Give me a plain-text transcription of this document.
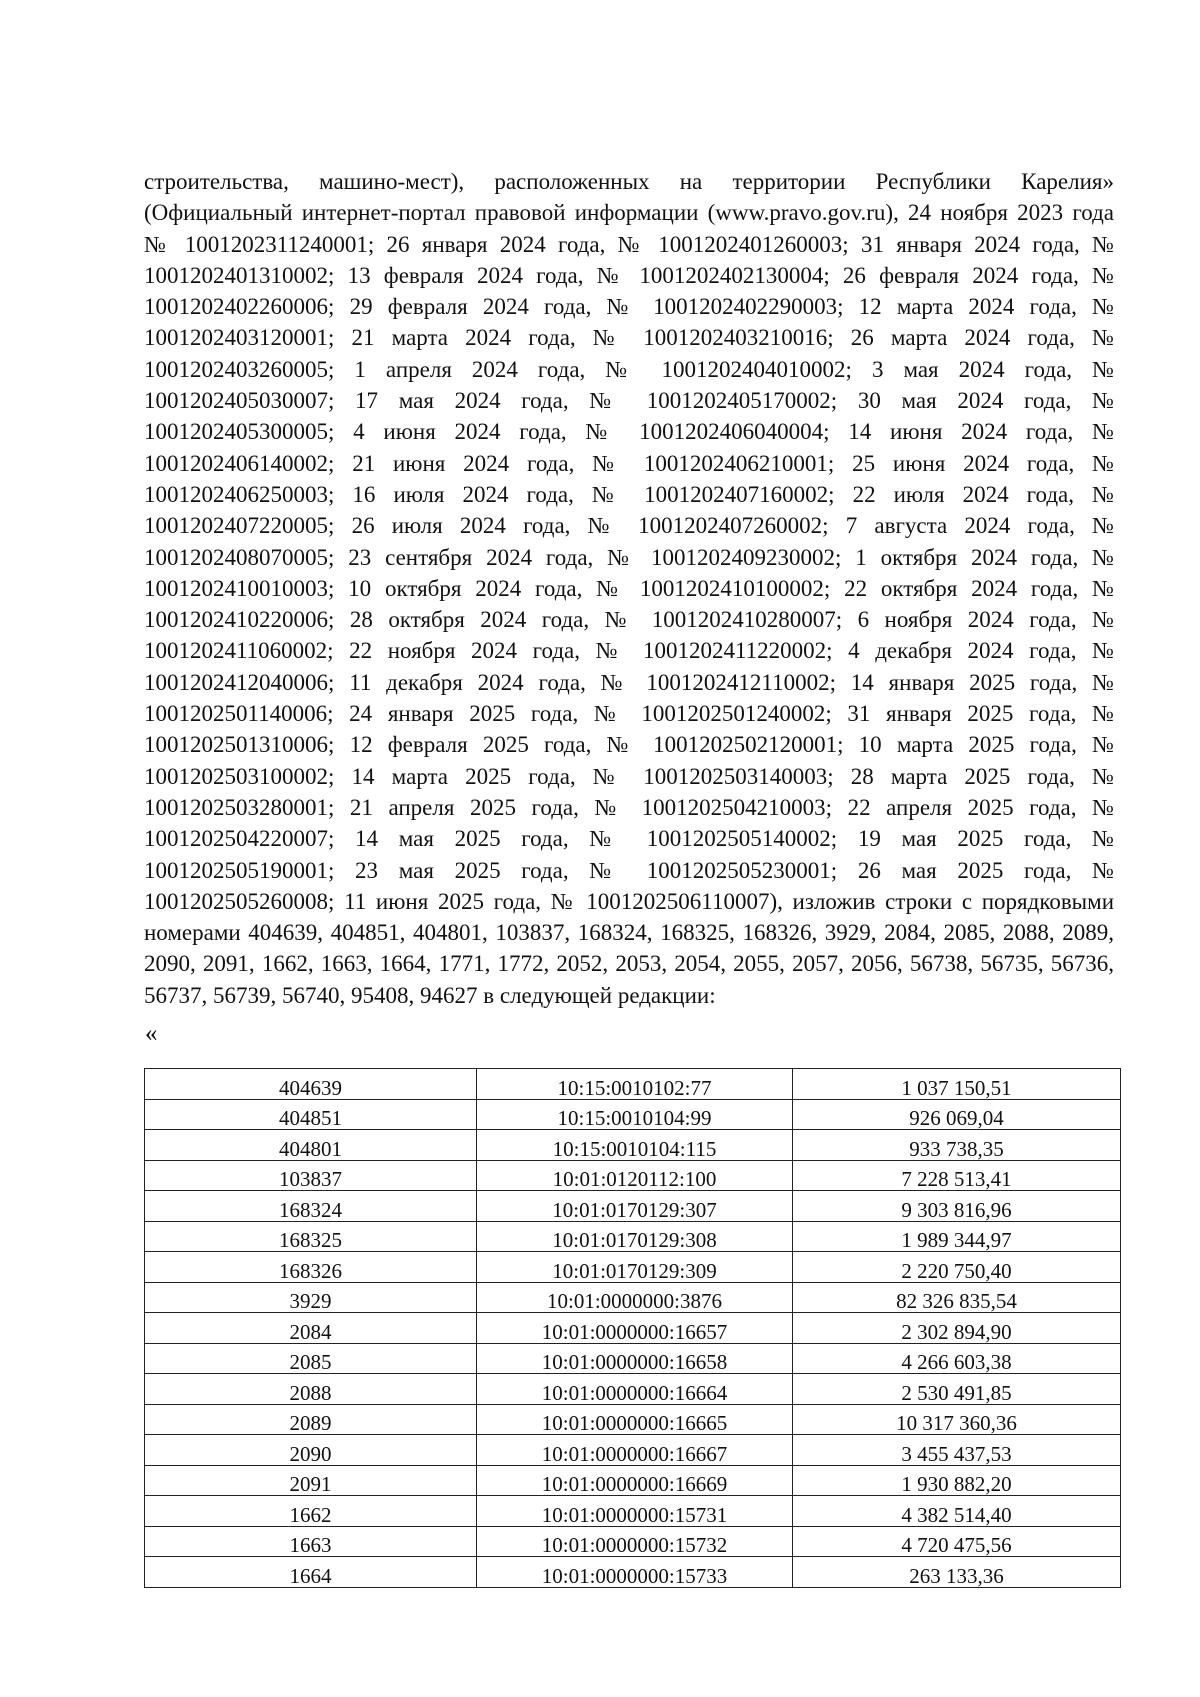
строительства, машино-мест), расположенных на территории Республики Карелия» (Официальный интернет-портал правовой информации (www.pravo.gov.ru), 24 ноября 2023 года № 1001202311240001; 26 января 2024 года, № 1001202401260003; 31 января 2024 года, № 1001202401310002; 13 февраля 2024 года, № 1001202402130004; 26 февраля 2024 года, № 1001202402260006; 29 февраля 2024 года, № 1001202402290003; 12 марта 2024 года, № 1001202403120001; 21 марта 2024 года, № 1001202403210016; 26 марта 2024 года, № 1001202403260005; 1 апреля 2024 года, № 1001202404010002; 3 мая 2024 года, № 1001202405030007; 17 мая 2024 года, № 1001202405170002; 30 мая 2024 года, № 1001202405300005; 4 июня 2024 года, № 1001202406040004; 14 июня 2024 года, № 1001202406140002; 21 июня 2024 года, № 1001202406210001; 25 июня 2024 года, № 1001202406250003; 16 июля 2024 года, № 1001202407160002; 22 июля 2024 года, № 1001202407220005; 26 июля 2024 года, № 1001202407260002; 7 августа 2024 года, № 1001202408070005; 23 сентября 2024 года, № 1001202409230002; 1 октября 2024 года, № 1001202410010003; 10 октября 2024 года, № 1001202410100002; 22 октября 2024 года, № 1001202410220006; 28 октября 2024 года, № 1001202410280007; 6 ноября 2024 года, № 1001202411060002; 22 ноября 2024 года, № 1001202411220002; 4 декабря 2024 года, № 1001202412040006; 11 декабря 2024 года, № 1001202412110002; 14 января 2025 года, № 1001202501140006; 24 января 2025 года, № 1001202501240002; 31 января 2025 года, № 1001202501310006; 12 февраля 2025 года, № 1001202502120001; 10 марта 2025 года, № 1001202503100002; 14 марта 2025 года, № 1001202503140003; 28 марта 2025 года, № 1001202503280001; 21 апреля 2025 года, № 1001202504210003; 22 апреля 2025 года, № 1001202504220007; 14 мая 2025 года, № 1001202505140002; 19 мая 2025 года, № 1001202505190001; 23 мая 2025 года, № 1001202505230001; 26 мая 2025 года, № 1001202505260008; 11 июня 2025 года, № 1001202506110007), изложив строки с порядковыми номерами 404639, 404851, 404801, 103837, 168324, 168325, 168326, 3929, 2084, 2085, 2088, 2089, 2090, 2091, 1662, 1663, 1664, 1771, 1772, 2052, 2053, 2054, 2055, 2057, 2056, 56738, 56735, 56736, 56737, 56739, 56740, 95408, 94627 в следующей редакции:

«

404639	10:15:0010102:77	1 037 150,51
404851	10:15:0010104:99	926 069,04
404801	10:15:0010104:115	933 738,35
103837	10:01:0120112:100	7 228 513,41
168324	10:01:0170129:307	9 303 816,96
168325	10:01:0170129:308	1 989 344,97
168326	10:01:0170129:309	2 220 750,40
3929	10:01:0000000:3876	82 326 835,54
2084	10:01:0000000:16657	2 302 894,90
2085	10:01:0000000:16658	4 266 603,38
2088	10:01:0000000:16664	2 530 491,85
2089	10:01:0000000:16665	10 317 360,36
2090	10:01:0000000:16667	3 455 437,53
2091	10:01:0000000:16669	1 930 882,20
1662	10:01:0000000:15731	4 382 514,40
1663	10:01:0000000:15732	4 720 475,56
1664	10:01:0000000:15733	263 133,36
